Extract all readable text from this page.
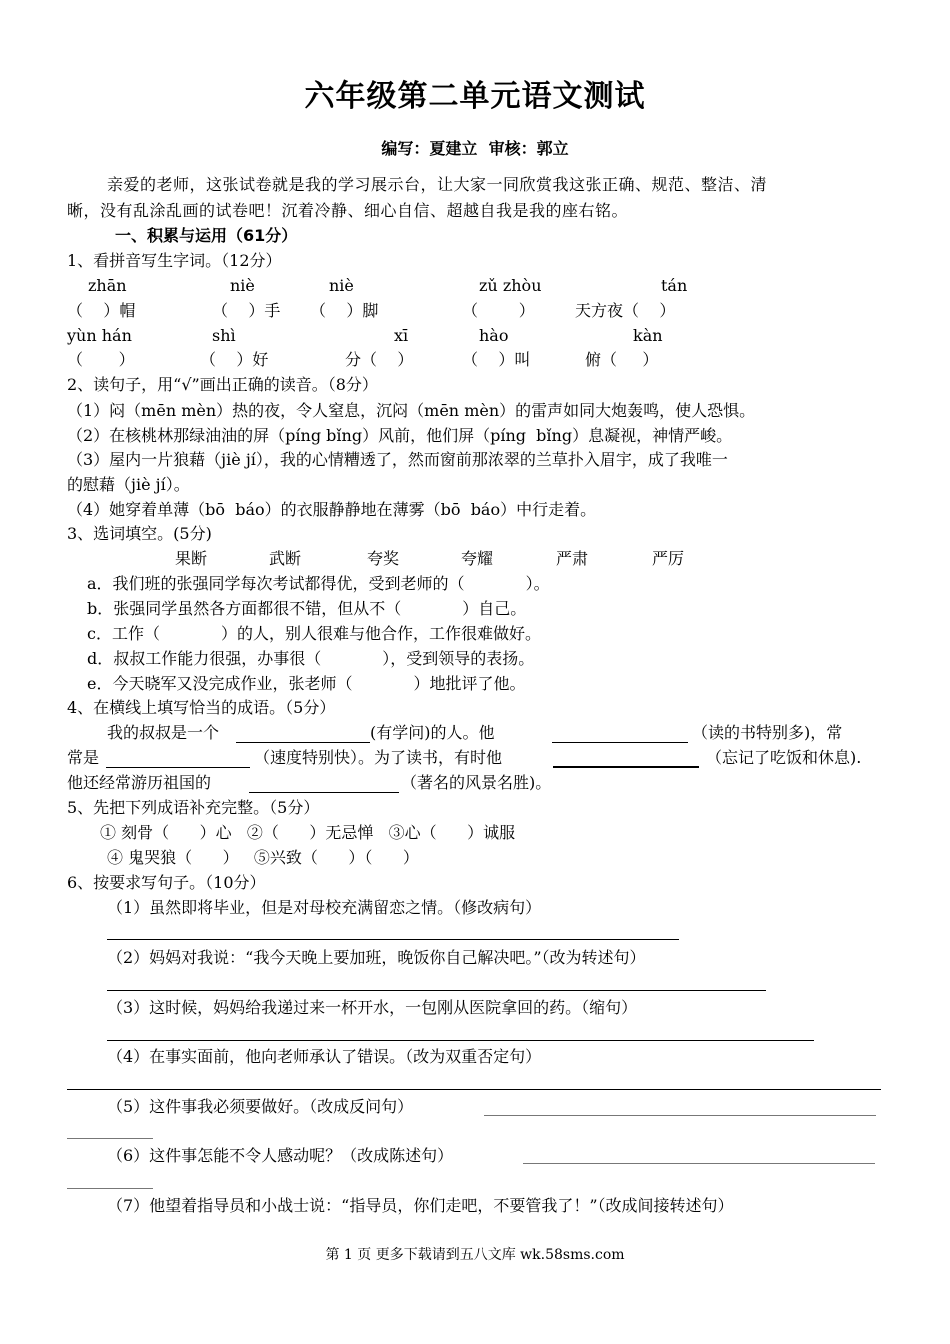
六年级第二单元语文测试
编写：夏建立  审核：郭立
亲爱的老师，这张试卷就是我的学习展示台，让大家一同欣赏我这张正确、规范、整洁、清
晰，没有乱涂乱画的试卷吧！沉着冷静、细心自信、超越自我是我的座右铭。
一、积累与运用（61分）
1、看拼音写生字词。（12分）
zhān	niè	niè	zǔ zhòu	tán
（    ）帽	（    ）手 （    ）脚	（        ）	天方夜（    ）
yùn hán	shì	xī	hào	kàn
（       ）	（    ）好	分（    ）	（    ）叫	俯（     ）
2、读句子，用“√”画出正确的读音。（8分）
（1）闷（mēn mèn）热的夜，令人窒息，沉闷（mēn mèn）的雷声如同大炮轰鸣，使人恐惧。
（2）在核桃林那绿油油的屏（píng bǐng）风前，他们屏（píng  bǐng）息凝视，神情严峻。
（3）屋内一片狼藉（jiè jí），我的心情糟透了，然而窗前那浓翠的兰草扑入眉宇，成了我唯一
的慰藉（jiè jí）。
（4）她穿着单薄（bō  báo）的衣服静静地在薄雾（bō  báo）中行走着。
3、选词填空。(5分)
果断	武断	夸奖	夸耀	严肃	严厉
a．我们班的张强同学每次考试都得优，受到老师的（            ）。
b．张强同学虽然各方面都很不错，但从不（            ）自己。
c．工作（            ）的人，别人很难与他合作，工作很难做好。
d．叔叔工作能力很强，办事很（            ），受到领导的表扬。
e．今天晓军又没完成作业，张老师（            ）地批评了他。
4、在横线上填写恰当的成语。（5分）
我的叔叔是一个	(有学问)的人。他	（读的书特别多)，常
常是	（速度特别快）。为了读书，有时他	（忘记了吃饭和休息).
他还经常游历祖国的	（著名的风景名胜)。
5、先把下列成语补充完整。（5分）
① 刻骨（      ）心   ②（      ）无忌惮   ③心（      ）诚服
④ 鬼哭狼（      ）   ⑤兴致（      ）（      ）
6、按要求写句子。（10分）
（1）虽然即将毕业，但是对母校充满留恋之情。（修改病句）
（2）妈妈对我说：“我今天晚上要加班，晚饭你自己解决吧。”（改为转述句）
（3）这时候，妈妈给我递过来一杯开水，一包刚从医院拿回的药。（缩句）
（4）在事实面前，他向老师承认了错误。（改为双重否定句）
（5）这件事我必须要做好。（改成反问句）
（6）这件事怎能不令人感动呢？（改成陈述句）
（7）他望着指导员和小战士说：“指导员，你们走吧，不要管我了！”（改成间接转述句）
第 1 页 更多下载请到五八文库 wk.58sms.com
